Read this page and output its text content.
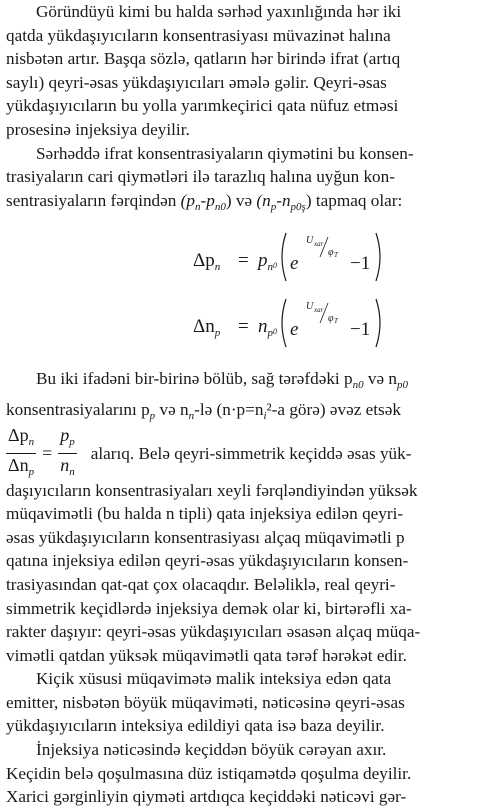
Göründüyü kimi bu halda sərhəd yaxınlığında hər iki

qatda yükdaşıyıcıların konsentrasiyası müvazinət halına

nisbətən artır. Başqa sözlə, qatların hər birində ifrat (artıq

saylı) qeyri-əsas yükdaşıyıcıları əmələ gəlir. Qeyri-əsas

yükdaşıyıcıların bu yolla yarımkeçirici qata nüfuz etməsi

prosesinə injeksiya deyilir.

Sərhəddə ifrat konsentrasiyaların qiymətini bu konsen-

trasiyaların cari qiymətləri ilə tarazlıq halına uyğun kon-

sentrasiyaların fərqindən $(p_n-p_{n0})$ və $(n_p-n_{p0ş})$ tapmaq olar:

$\Delta p_n = p_n0$ e
U xar
φ T −1
$\Delta n_p = n_p0$ e
U xar
φ T −1

Bu iki ifadəni bir-birinə bölüb, sağ tərəfdəki $p_{n0}$ və $n_{p0}$

konsentrasiyalarını $p_p$ və $n_n-lə$ ($n\cdot p=n_i^2-a$ görə) əvəz etsək

$\frac{\Delta p_n}{\Delta n_p} = \frac{p_p}{n_n}$ alarıq. Belə qeyri-simmetrik keçiddə əsas yük-

daşıyıcıların konsentrasiyaları xeyli fərqləndiyindən yüksək

müqavimətli (bu halda n tipli) qata injeksiya edilən qeyri-

əsas yükdaşıyıcıların konsentrasiyası alçaq müqavimətli p

qatına injeksiya edilən qeyri-əsas yükdaşıyıcıların konsen-

trasiyasından qat-qat çox olacaqdır. Beləliklə, real qeyri-

simmetrik keçidlərdə injeksiya demək olar ki, birtərəfli xa-

rakter daşıyır: qeyri-əsas yükdaşıyıcıları əsasən alçaq müqa-

vimətli qatdan yüksək müqavimətli qata tərəf hərəkət edir.

Kiçik xüsusi müqavimətə malik inteksiya edən qata

emitter, nisbətən böyük müqaviməti, nəticəsinə qeyri-əsas

yükdaşıyıcıların inteksiya edildiyi qata isə baza deyilir.

İnjeksiya nəticəsində keçiddən böyük cərəyan axır.

Keçidin belə qoşulmasına düz istiqamətdə qoşulma deyilir.

Xarici gərginliyin qiyməti artdıqca keçiddəki nəticəvi gər-
